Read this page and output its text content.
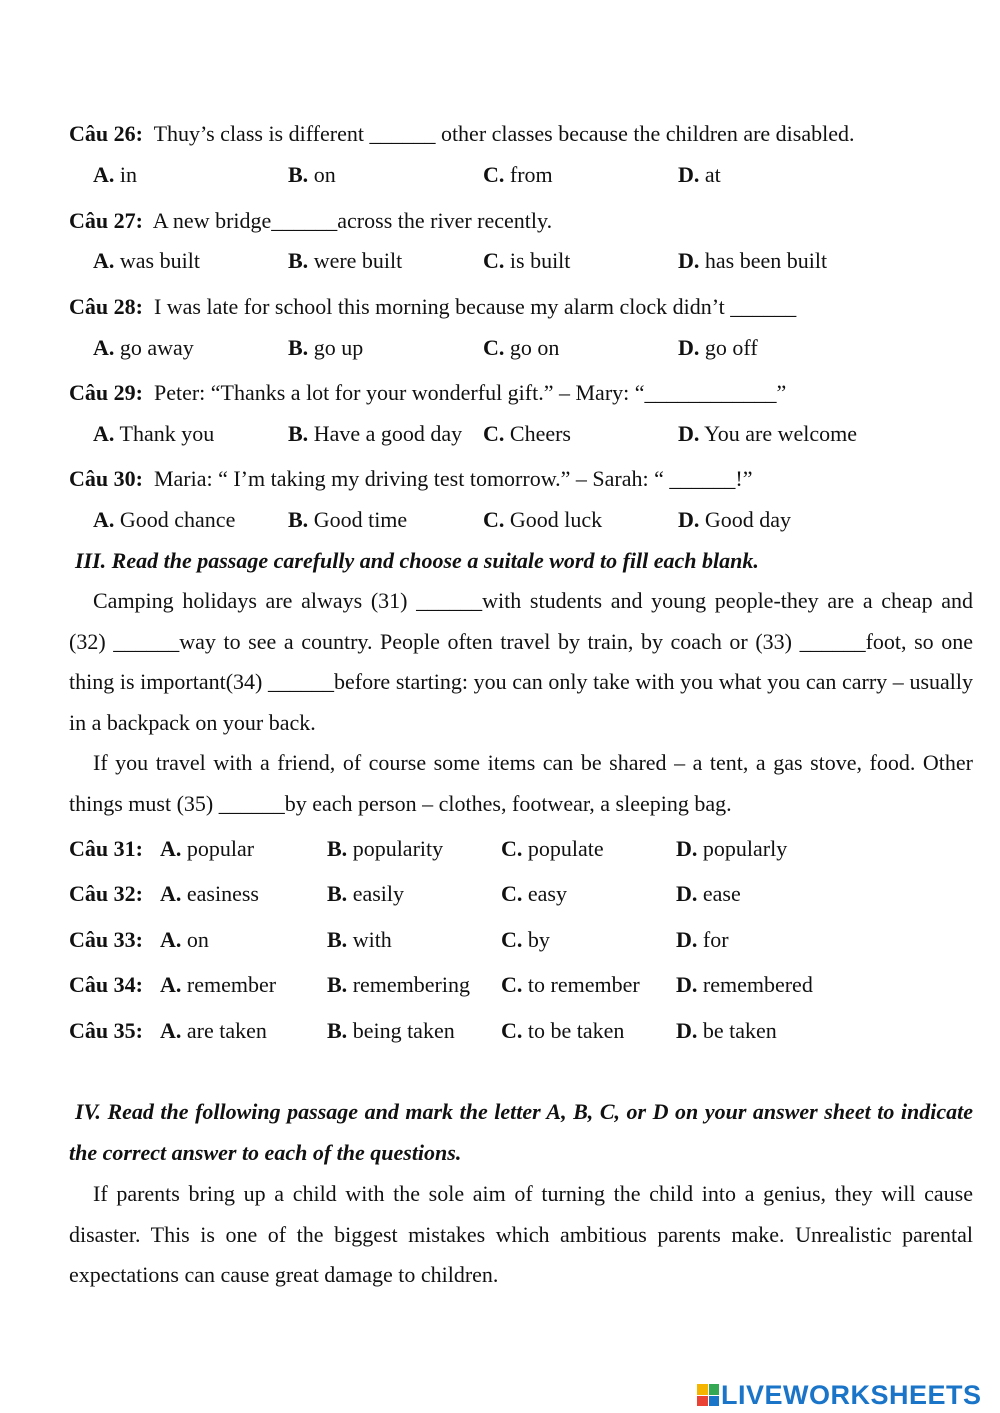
Câu 26: Thuy’s class is different ______ other classes because the children are disabled.
A. in	B. on	C. from	D. at
Câu 27: A new bridge______across the river recently.
A. was built	B. were built	C. is built	D. has been built
Câu 28: I was late for school this morning because my alarm clock didn’t ______
A. go away	B. go up	C. go on	D. go off
Câu 29: Peter: “Thanks a lot for your wonderful gift.” – Mary: “____________”
A. Thank you	B. Have a good day C. Cheers	D. You are welcome
Câu 30: Maria: “ I’m taking my driving test tomorrow.” – Sarah: “ ______!”
A. Good chance B. Good time	C. Good luck	D. Good day
III. Read the passage carefully and choose a suitale word to fill each blank.

Camping holidays are always (31) ______with students and young people-they are a cheap and (32) ______way to see a country. People often travel by train, by coach or (33) ______foot, so one thing is important(34) ______before starting: you can only take with you what you can carry – usually in a backpack on your back.

If you travel with a friend, of course some items can be shared – a tent, a gas stove, food. Other things must (35) ______by each person – clothes, footwear, a sleeping bag.

Câu 31: A. popular	B. popularity	C. populate	D. popularly
Câu 32: A. easiness	B. easily	C. easy	D. ease
Câu 33: A. on	B. with	C. by	D. for
Câu 34: A. remember B. remembering C. to remember D. remembered
Câu 35: A. are taken	B. being taken C. to be taken D. be taken
IV. Read the following passage and mark the letter A, B, C, or D on your answer sheet to indicate the correct answer to each of the questions.
If parents bring up a child with the sole aim of turning the child into a genius, they will cause disaster. This is one of the biggest mistakes which ambitious parents make. Unrealistic parental expectations can cause great damage to children.
LIVEWORKSHEETS
